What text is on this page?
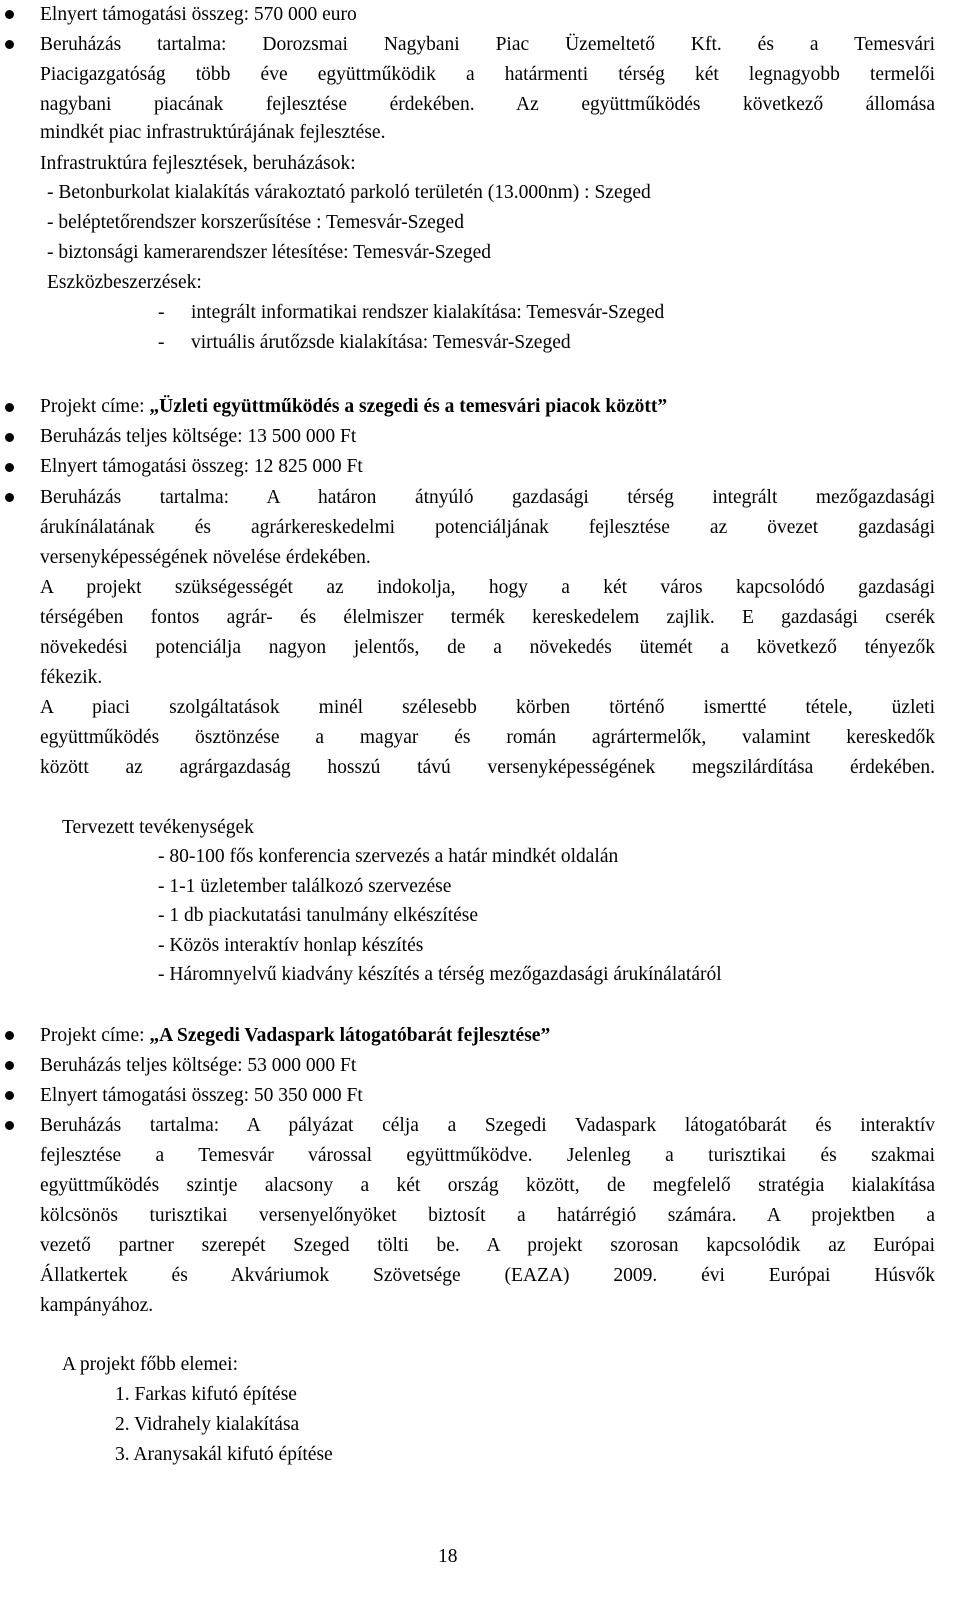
Elnyert támogatási összeg: 570 000 euro
Beruházás tartalma: Dorozsmai Nagybani Piac Üzemeltető Kft. és a Temesvári
Piacigazgatóság több éve együttműködik a határmenti térség két legnagyobb termelői
nagybani piacának fejlesztése érdekében. Az együttműködés következő állomása
mindkét piac infrastruktúrájának fejlesztése.
Infrastruktúra fejlesztések, beruházások:
- Betonburkolat kialakítás várakoztató parkoló területén (13.000nm) : Szeged
- beléptetőrendszer korszerűsítése : Temesvár-Szeged
- biztonsági kamerarendszer létesítése: Temesvár-Szeged
Eszközbeszerzések:
- integrált informatikai rendszer kialakítása: Temesvár-Szeged
- virtuális árutőzsde kialakítása: Temesvár-Szeged
Projekt címe: „Üzleti együttműködés a szegedi és a temesvári piacok között”
Beruházás teljes költsége: 13 500 000 Ft
Elnyert támogatási összeg: 12 825 000 Ft
Beruházás tartalma: A határon átnyúló gazdasági térség integrált mezőgazdasági
árukínálatának és agrárkereskedelmi potenciáljának fejlesztése az övezet gazdasági
versenyképességének növelése érdekében.
A projekt szükségességét az indokolja, hogy a két város kapcsolódó gazdasági
térségében fontos agrár- és élelmiszer termék kereskedelem zajlik. E gazdasági cserék
növekedési potenciálja nagyon jelentős, de a növekedés ütemét a következő tényezők
fékezik.
A piaci szolgáltatások minél szélesebb körben történő ismertté tétele, üzleti
együttműködés ösztönzése a magyar és román agrártermelők, valamint kereskedők
között az agrárgazdaság hosszú távú versenyképességének megszilárdítása érdekében.
Tervezett tevékenységek
- 80-100 fős konferencia szervezés a határ mindkét oldalán
- 1-1 üzletember találkozó szervezése
- 1 db piackutatási tanulmány elkészítése
- Közös interaktív honlap készítés
- Háromnyelvű kiadvány készítés a térség mezőgazdasági árukínálatáról
Projekt címe: „A Szegedi Vadaspark látogatóbarát fejlesztése”
Beruházás teljes költsége: 53 000 000 Ft
Elnyert támogatási összeg: 50 350 000 Ft
Beruházás tartalma: A pályázat célja a Szegedi Vadaspark látogatóbarát és interaktív
fejlesztése a Temesvár várossal együttműködve. Jelenleg a turisztikai és szakmai
együttműködés szintje alacsony a két ország között, de megfelelő stratégia kialakítása
kölcsönös turisztikai versenyelőnyöket biztosít a határrégió számára. A projektben a
vezető partner szerepét Szeged tölti be. A projekt szorosan kapcsolódik az Európai
Állatkertek és Akváriumok Szövetsége (EAZA) 2009. évi Európai Húsvők
kampányához.
A projekt főbb elemei:
1. Farkas kifutó építése
2. Vidrahely kialakítása
3. Aranysakál kifutó építése
18
